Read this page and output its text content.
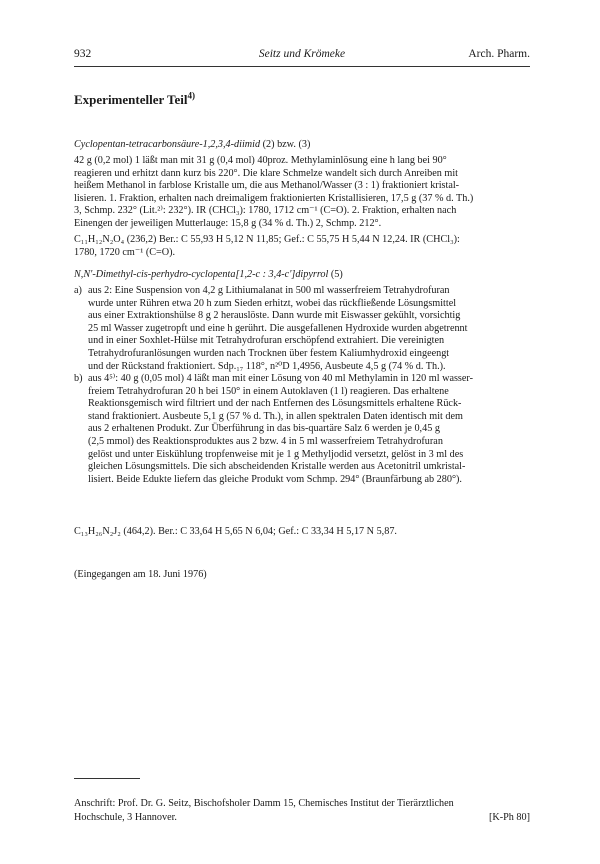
932	Seitz und Krömeke	Arch. Pharm.
Experimenteller Teil$^{4)}$
Cyclopentan-tetracarbonsäure-1,2,3,4-diimid (2) bzw. (3)
42 g (0,2 mol) 1 läßt man mit 31 g (0,4 mol) 40proz. Methylaminlösung eine h lang bei 90°
reagieren und erhitzt dann kurz bis 220°. Die klare Schmelze wandelt sich durch Anreiben mit
heißem Methanol in farblose Kristalle um, die aus Methanol/Wasser (3 : 1) fraktioniert kristal-
lisieren. 1. Fraktion, erhalten nach dreimaligem fraktionierten Kristallisieren, 17,5 g (37 % d. Th.)
3, Schmp. 232° (Lit.²⁾: 232°). IR (CHCl₃): 1780, 1712 cm⁻¹ (C=O). 2. Fraktion, erhalten nach
Einengen der jeweiligen Mutterlauge: 15,8 g (34 % d. Th.) 2, Schmp. 212°.
C₁₁H₁₂N₂O₄ (236,2) Ber.: C 55,93 H 5,12 N 11,85; Gef.: C 55,75 H 5,44 N 12,24. IR (CHCl₃):
1780, 1720 cm⁻¹ (C=O).
N,N'-Dimethyl-cis-perhydro-cyclopenta[1,2-c : 3,4-c']dipyrrol (5)
a) aus 2: Eine Suspension von 4,2 g Lithiumalanat in 500 ml wasserfreiem Tetrahydrofuran
wurde unter Rühren etwa 20 h zum Sieden erhitzt, wobei das rückfließende Lösungsmittel
aus einer Extraktionshülse 8 g 2 herauslöste. Dann wurde mit Eiswasser gekühlt, vorsichtig
25 ml Wasser zugetropft und eine h gerührt. Die ausgefallenen Hydroxide wurden abgetrennt
und in einer Soxhlet-Hülse mit Tetrahydrofuran erschöpfend extrahiert. Die vereinigten
Tetrahydrofuranlösungen wurden nach Trocknen über festem Kaliumhydroxid eingeengt
und der Rückstand fraktioniert. Sdp.₁₇ 118°, n²⁰D 1,4956, Ausbeute 4,5 g (74 % d. Th.).
b) aus 4⁵⁾: 40 g (0,05 mol) 4 läßt man mit einer Lösung von 40 ml Methylamin in 120 ml wasser-
freiem Tetrahydrofuran 20 h bei 150° in einem Autoklaven (1 l) reagieren. Das erhaltene
Reaktionsgemisch wird filtriert und der nach Entfernen des Lösungsmittels erhaltene Rück-
stand fraktioniert. Ausbeute 5,1 g (57 % d. Th.), in allen spektralen Daten identisch mit dem
aus 2 erhaltenen Produkt. Zur Überführung in das bis-quartäre Salz 6 werden je 0,45 g
(2,5 mmol) des Reaktionsproduktes aus 2 bzw. 4 in 5 ml wasserfreiem Tetrahydrofuran
gelöst und unter Eiskühlung tropfenweise mit je 1 g Methyljodid versetzt, gelöst in 3 ml des
gleichen Lösungsmittels. Die sich abscheidenden Kristalle werden aus Acetonitril umkristal-
lisiert. Beide Edukte liefern das gleiche Produkt vom Schmp. 294° (Braunfärbung ab 280°).
C₁₃H₂₆N₂J₂ (464,2). Ber.: C 33,64 H 5,65 N 6,04; Gef.: C 33,34 H 5,17 N 5,87.
(Eingegangen am 18. Juni 1976)
Anschrift: Prof. Dr. G. Seitz, Bischofsholer Damm 15, Chemisches Institut der Tierärztlichen
Hochschule, 3 Hannover.	[K-Ph 80]
